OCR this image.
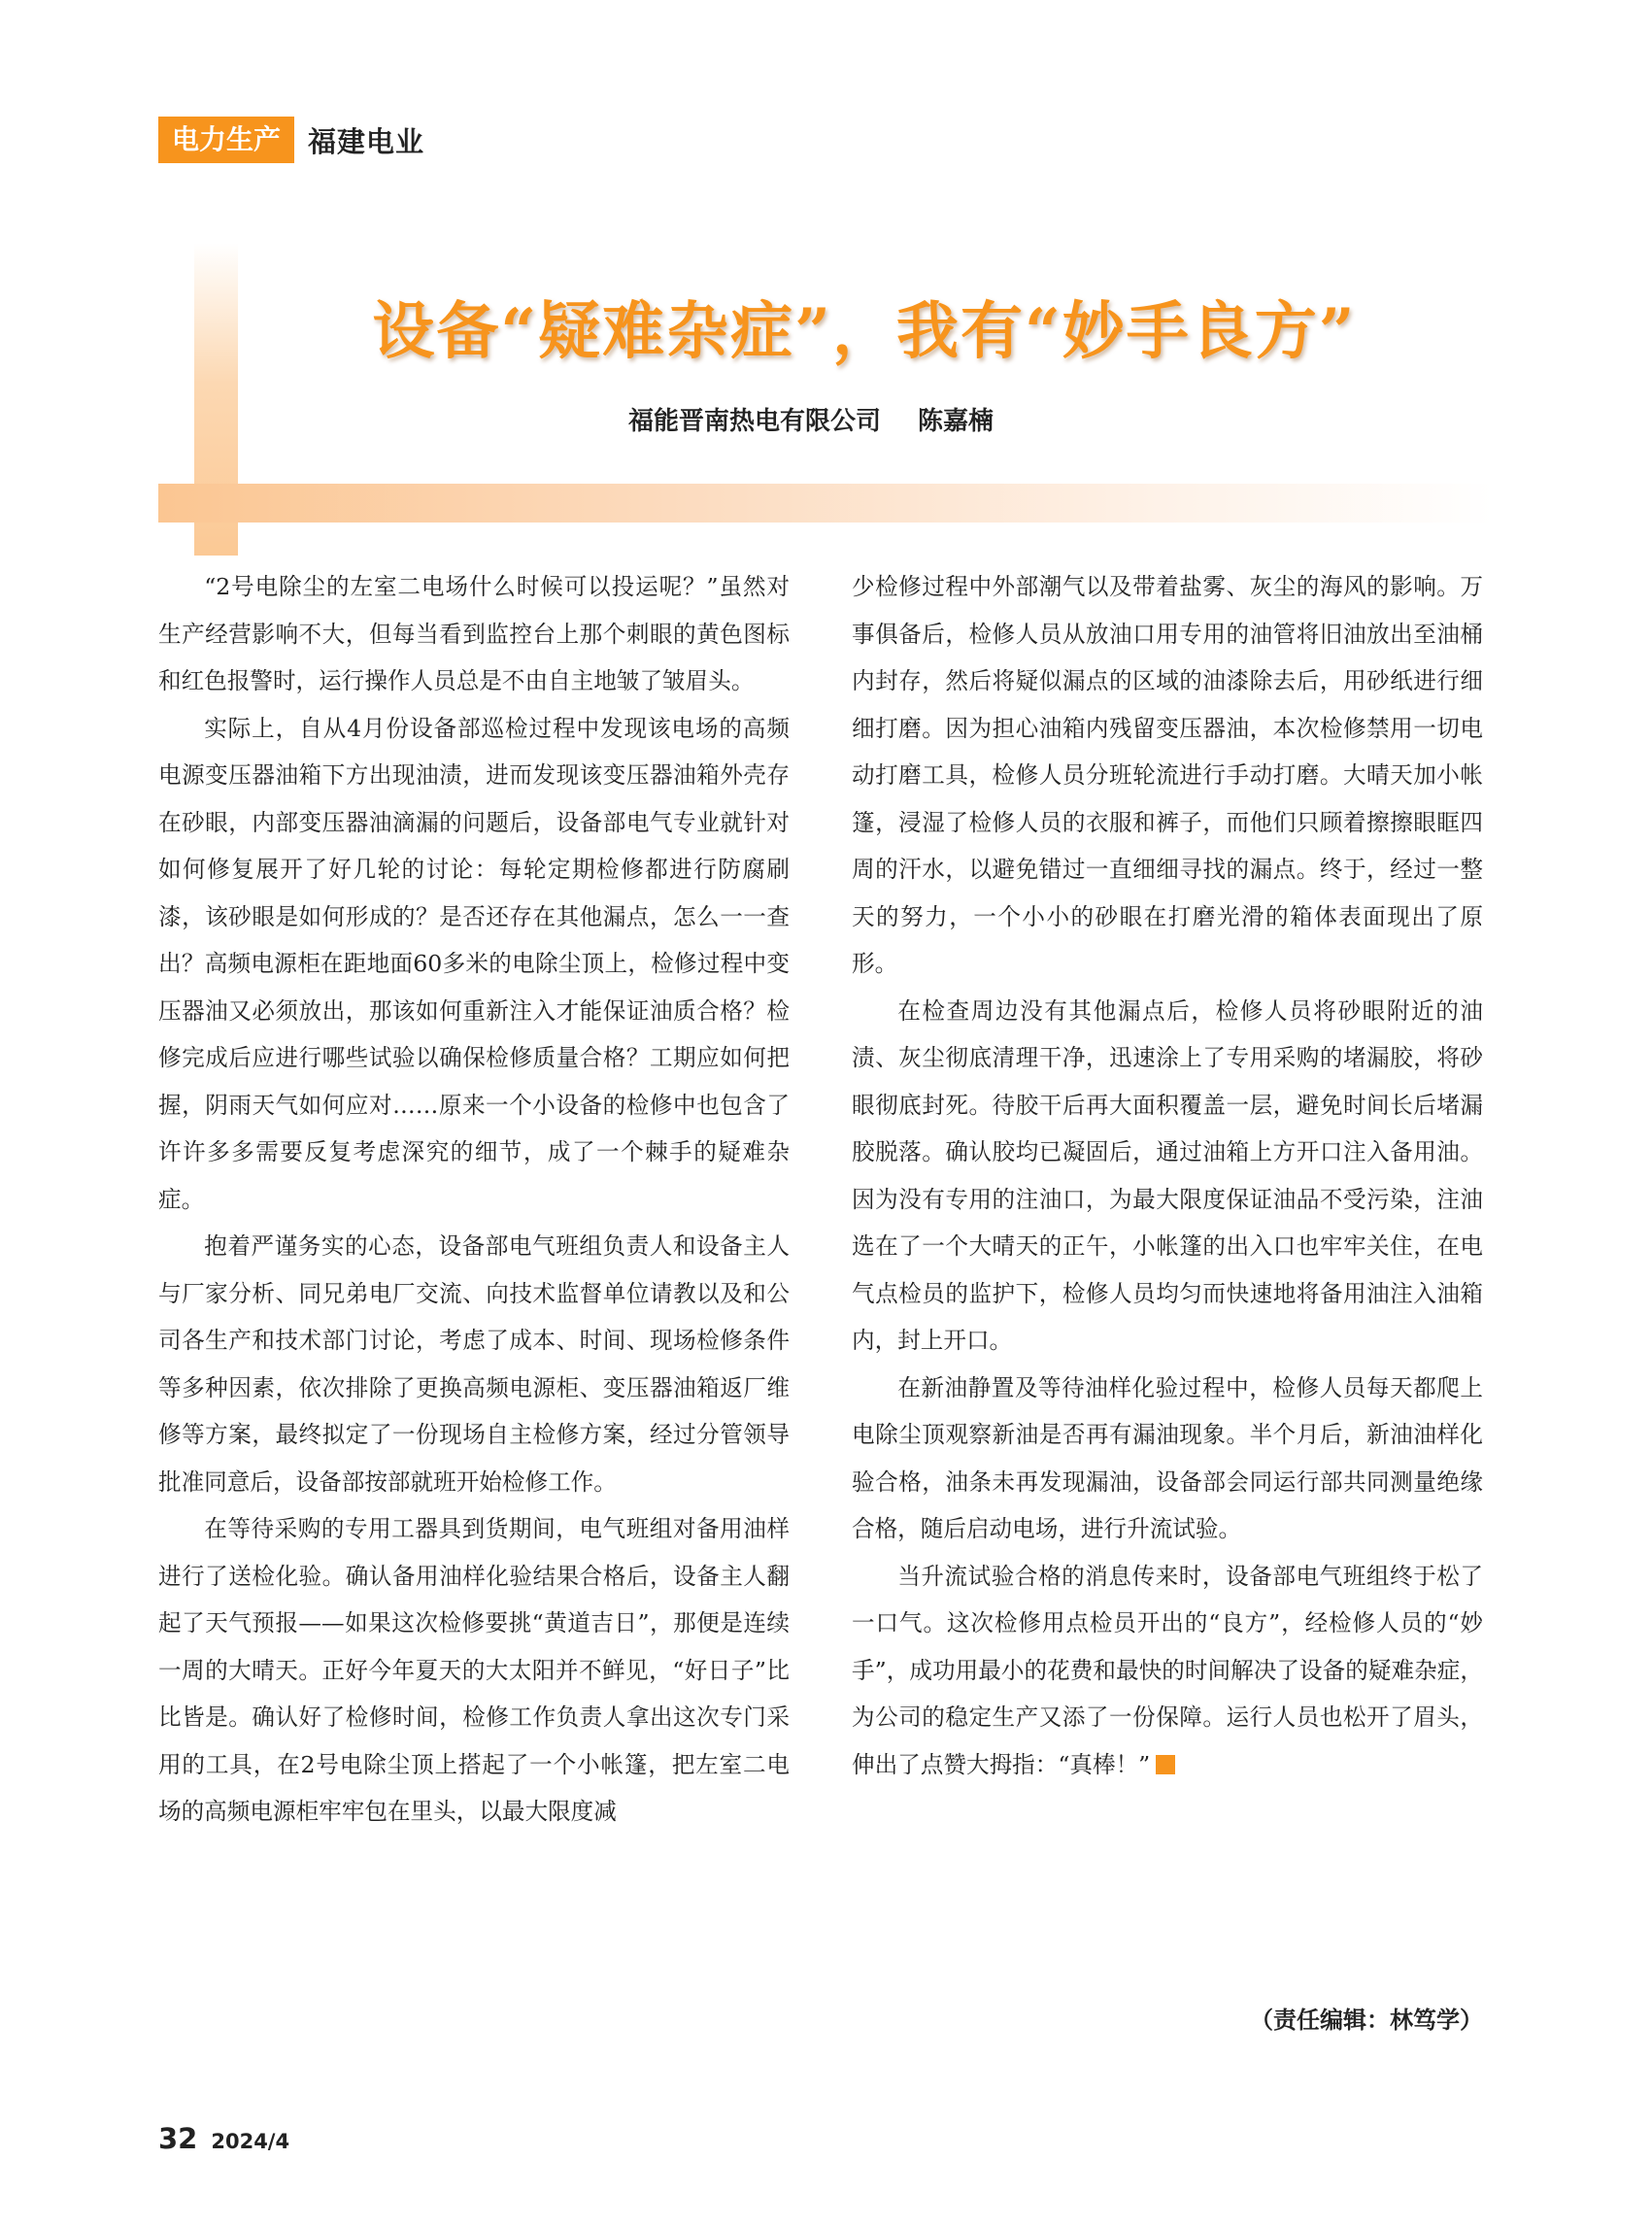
电力生产 福建电业
设备“疑难杂症”，我有“妙手良方”
福能晋南热电有限公司 陈嘉楠

“2号电除尘的左室二电场什么时候可以投运呢？”虽然对生产经营影响不大，但每当看到监控台上那个刺眼的黄色图标和红色报警时，运行操作人员总是不由自主地皱了皱眉头。

实际上，自从4月份设备部巡检过程中发现该电场的高频电源变压器油箱下方出现油渍，进而发现该变压器油箱外壳存在砂眼，内部变压器油滴漏的问题后，设备部电气专业就针对如何修复展开了好几轮的讨论：每轮定期检修都进行防腐刷漆，该砂眼是如何形成的？是否还存在其他漏点，怎么一一查出？高频电源柜在距地面60多米的电除尘顶上，检修过程中变压器油又必须放出，那该如何重新注入才能保证油质合格？检修完成后应进行哪些试验以确保检修质量合格？工期应如何把握，阴雨天气如何应对……原来一个小设备的检修中也包含了许许多多需要反复考虑深究的细节，成了一个棘手的疑难杂症。

抱着严谨务实的心态，设备部电气班组负责人和设备主人与厂家分析、同兄弟电厂交流、向技术监督单位请教以及和公司各生产和技术部门讨论，考虑了成本、时间、现场检修条件等多种因素，依次排除了更换高频电源柜、变压器油箱返厂维修等方案，最终拟定了一份现场自主检修方案，经过分管领导批准同意后，设备部按部就班开始检修工作。

在等待采购的专用工器具到货期间，电气班组对备用油样进行了送检化验。确认备用油样化验结果合格后，设备主人翻起了天气预报——如果这次检修要挑“黄道吉日”，那便是连续一周的大晴天。正好今年夏天的大太阳并不鲜见，“好日子”比比皆是。确认好了检修时间，检修工作负责人拿出这次专门采用的工具，在2号电除尘顶上搭起了一个小帐篷，把左室二电场的高频电源柜牢牢包在里头，以最大限度减

少检修过程中外部潮气以及带着盐雾、灰尘的海风的影响。万事俱备后，检修人员从放油口用专用的油管将旧油放出至油桶内封存，然后将疑似漏点的区域的油漆除去后，用砂纸进行细细打磨。因为担心油箱内残留变压器油，本次检修禁用一切电动打磨工具，检修人员分班轮流进行手动打磨。大晴天加小帐篷，浸湿了检修人员的衣服和裤子，而他们只顾着擦擦眼眶四周的汗水，以避免错过一直细细寻找的漏点。终于，经过一整天的努力，一个小小的砂眼在打磨光滑的箱体表面现出了原形。

在检查周边没有其他漏点后，检修人员将砂眼附近的油渍、灰尘彻底清理干净，迅速涂上了专用采购的堵漏胶，将砂眼彻底封死。待胶干后再大面积覆盖一层，避免时间长后堵漏胶脱落。确认胶均已凝固后，通过油箱上方开口注入备用油。因为没有专用的注油口，为最大限度保证油品不受污染，注油选在了一个大晴天的正午，小帐篷的出入口也牢牢关住，在电气点检员的监护下，检修人员均匀而快速地将备用油注入油箱内，封上开口。

在新油静置及等待油样化验过程中，检修人员每天都爬上电除尘顶观察新油是否再有漏油现象。半个月后，新油油样化验合格，油条未再发现漏油，设备部会同运行部共同测量绝缘合格，随后启动电场，进行升流试验。

当升流试验合格的消息传来时，设备部电气班组终于松了一口气。这次检修用点检员开出的“良方”，经检修人员的“妙手”，成功用最小的花费和最快的时间解决了设备的疑难杂症，为公司的稳定生产又添了一份保障。运行人员也松开了眉头，伸出了点赞大拇指：“真棒！”

（责任编辑：林笃学）
32 2024/4
